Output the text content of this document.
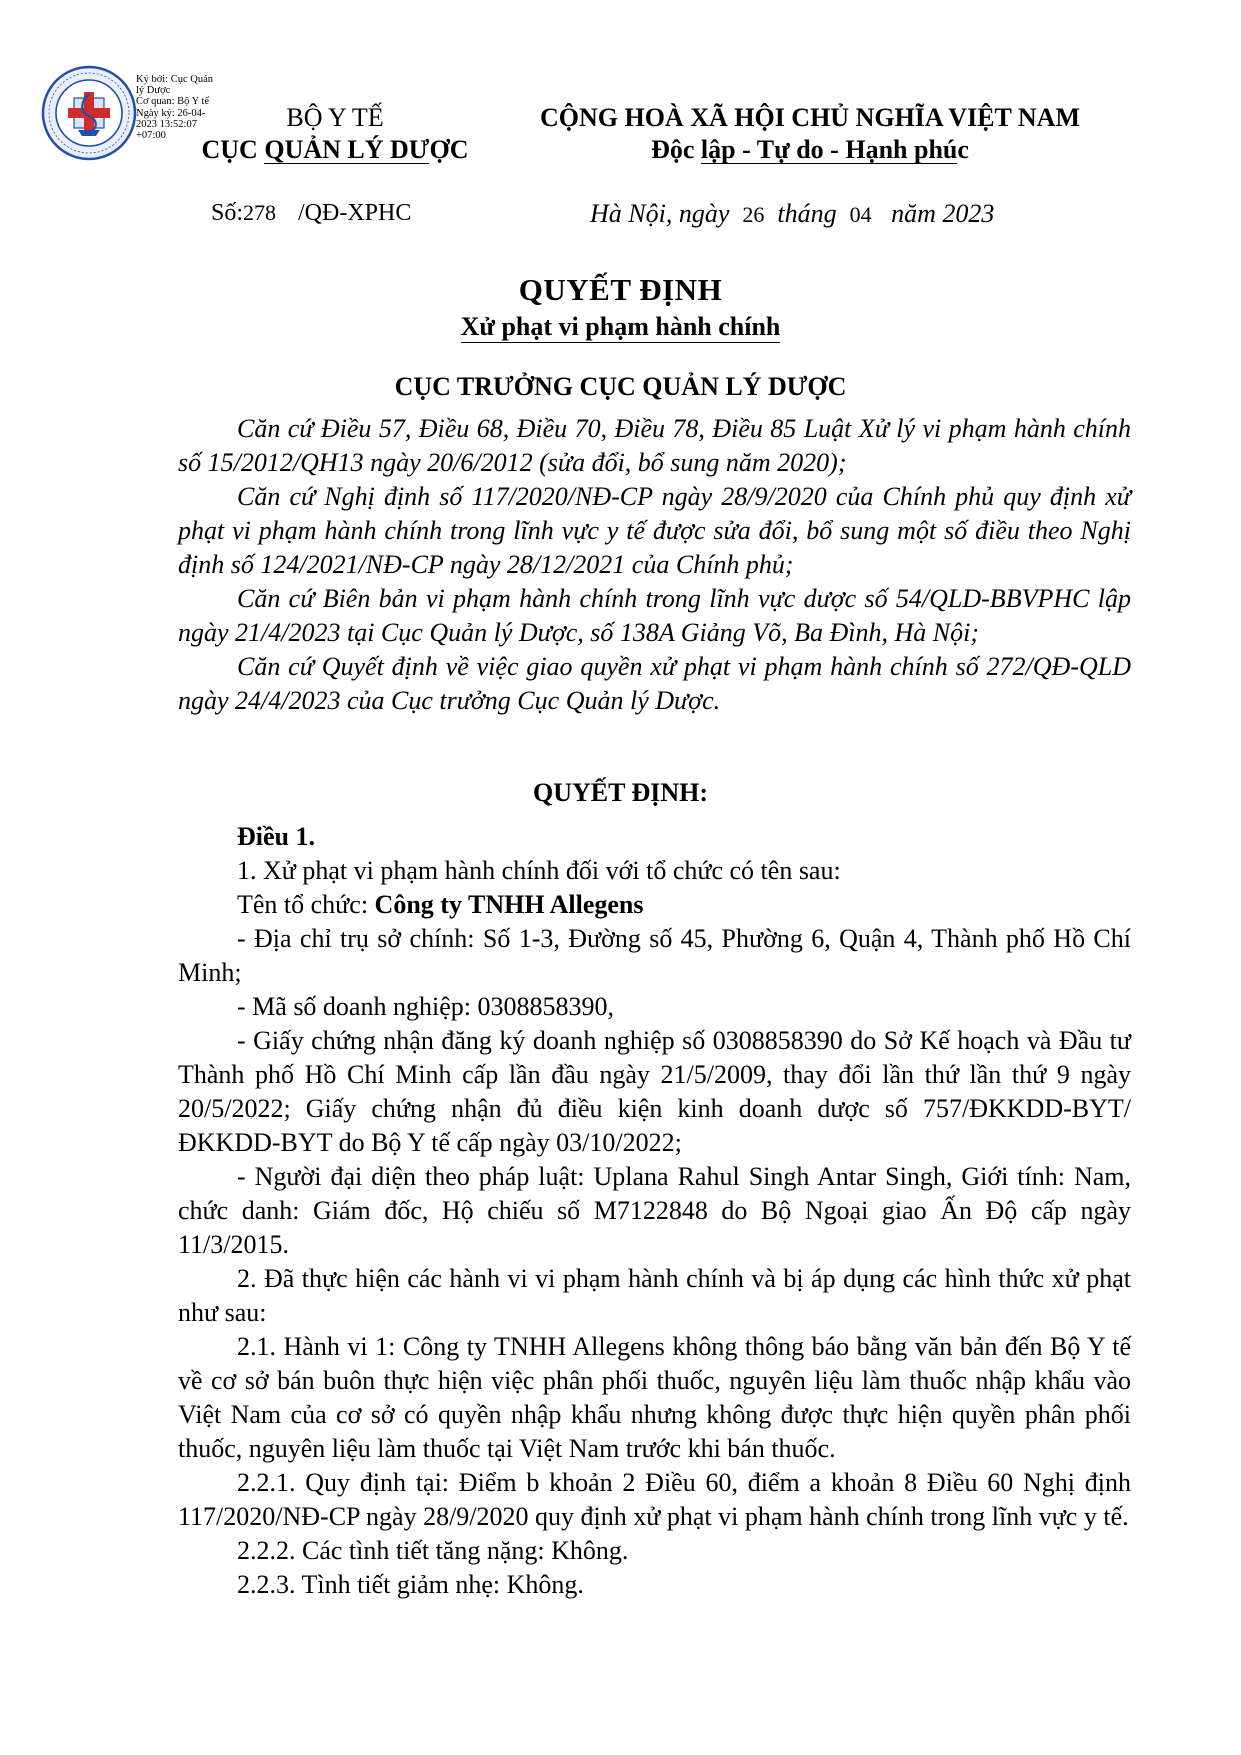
Ký bởi: Cục Quản
lý Dược
Cơ quan: Bộ Y tế
Ngày ký: 26-04-
2023 13:52:07
+07:00
BỘ Y TẾ
CỤC QUẢN LÝ DƯỢC
CỘNG HOÀ XÃ HỘI CHỦ NGHĨA VIỆT NAM
Độc lập - Tự do - Hạnh phúc
Số:278 /QĐ-XPHC	Hà Nội, ngày 26 tháng 04 năm 2023
QUYẾT ĐỊNH
Xử phạt vi phạm hành chính
CỤC TRƯỞNG CỤC QUẢN LÝ DƯỢC

Căn cứ Điều 57, Điều 68, Điều 70, Điều 78, Điều 85 Luật Xử lý vi phạm hành chính số 15/2012/QH13 ngày 20/6/2012 (sửa đổi, bổ sung năm 2020);

Căn cứ Nghị định số 117/2020/NĐ-CP ngày 28/9/2020 của Chính phủ quy định xử phạt vi phạm hành chính trong lĩnh vực y tế được sửa đổi, bổ sung một số điều theo Nghị định số 124/2021/NĐ-CP ngày 28/12/2021 của Chính phủ;

Căn cứ Biên bản vi phạm hành chính trong lĩnh vực dược số 54/QLD-BBVPHC lập ngày 21/4/2023 tại Cục Quản lý Dược, số 138A Giảng Võ, Ba Đình, Hà Nội;

Căn cứ Quyết định về việc giao quyền xử phạt vi phạm hành chính số 272/QĐ-QLD ngày 24/4/2023 của Cục trưởng Cục Quản lý Dược.

QUYẾT ĐỊNH:

Điều 1.

1. Xử phạt vi phạm hành chính đối với tổ chức có tên sau:

Tên tổ chức: Công ty TNHH Allegens

- Địa chỉ trụ sở chính: Số 1-3, Đường số 45, Phường 6, Quận 4, Thành phố Hồ Chí Minh;

- Mã số doanh nghiệp: 0308858390,

- Giấy chứng nhận đăng ký doanh nghiệp số 0308858390 do Sở Kế hoạch và Đầu tư Thành phố Hồ Chí Minh cấp lần đầu ngày 21/5/2009, thay đổi lần thứ lần thứ 9 ngày 20/5/2022; Giấy chứng nhận đủ điều kiện kinh doanh dược số 757/ĐKKDD-BYT/ĐKKDD-BYT do Bộ Y tế cấp ngày 03/10/2022;

- Người đại diện theo pháp luật: Uplana Rahul Singh Antar Singh, Giới tính: Nam, chức danh: Giám đốc, Hộ chiếu số M7122848 do Bộ Ngoại giao Ấn Độ cấp ngày 11/3/2015.

2. Đã thực hiện các hành vi vi phạm hành chính và bị áp dụng các hình thức xử phạt như sau:

2.1. Hành vi 1: Công ty TNHH Allegens không thông báo bằng văn bản đến Bộ Y tế về cơ sở bán buôn thực hiện việc phân phối thuốc, nguyên liệu làm thuốc nhập khẩu vào Việt Nam của cơ sở có quyền nhập khẩu nhưng không được thực hiện quyền phân phối thuốc, nguyên liệu làm thuốc tại Việt Nam trước khi bán thuốc.

2.2.1. Quy định tại: Điểm b khoản 2 Điều 60, điểm a khoản 8 Điều 60 Nghị định 117/2020/NĐ-CP ngày 28/9/2020 quy định xử phạt vi phạm hành chính trong lĩnh vực y tế.

2.2.2. Các tình tiết tăng nặng: Không.

2.2.3. Tình tiết giảm nhẹ: Không.
